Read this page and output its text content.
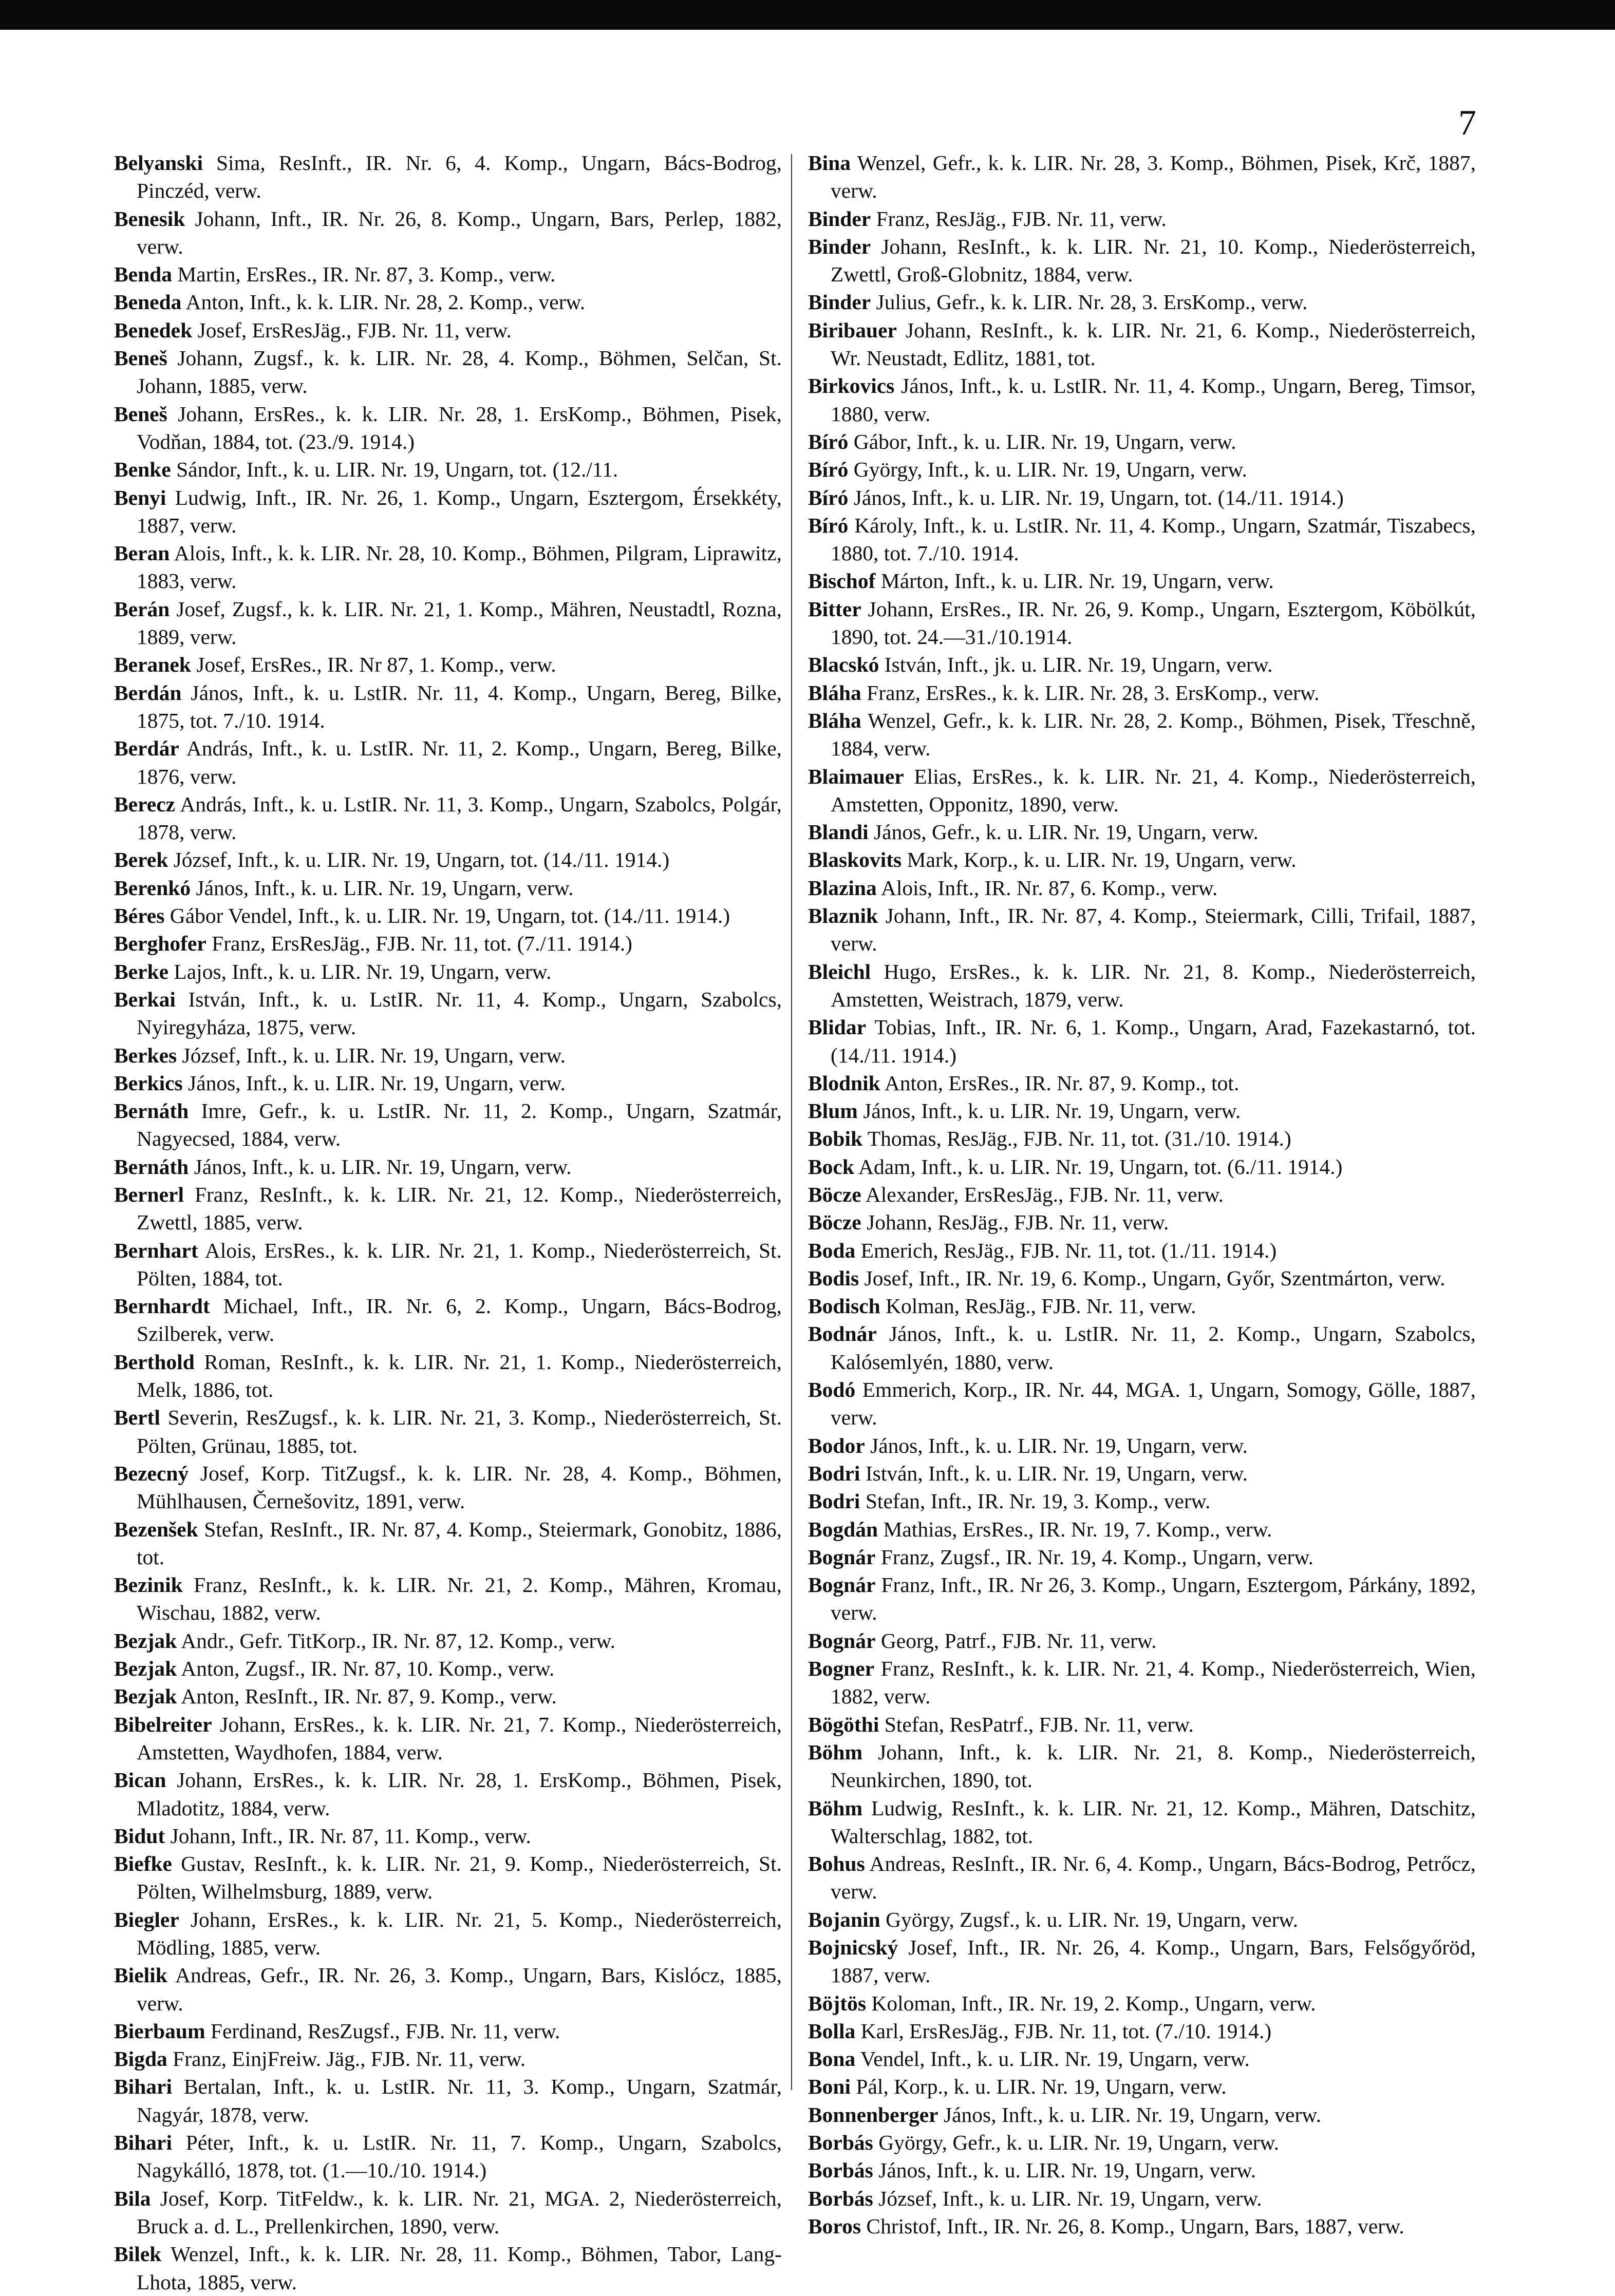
7

Belyanski Sima, ResInft., IR. Nr. 6, 4. Komp., Ungarn, Bács-Bodrog, Pinczéd, verw.

Benesik Johann, Inft., IR. Nr. 26, 8. Komp., Ungarn, Bars, Perlep, 1882, verw.

Benda Martin, ErsRes., IR. Nr. 87, 3. Komp., verw.

Beneda Anton, Inft., k. k. LIR. Nr. 28, 2. Komp., verw.

Benedek Josef, ErsResJäg., FJB. Nr. 11, verw.

Beneš Johann, Zugsf., k. k. LIR. Nr. 28, 4. Komp., Böhmen, Selčan, St. Johann, 1885, verw.

Beneš Johann, ErsRes., k. k. LIR. Nr. 28, 1. ErsKomp., Böhmen, Pisek, Vodňan, 1884, tot. (23./9. 1914.)

Benke Sándor, Inft., k. u. LIR. Nr. 19, Ungarn, tot. (12./11.

Benyi Ludwig, Inft., IR. Nr. 26, 1. Komp., Ungarn, Esztergom, Érsekkéty, 1887, verw.

Beran Alois, Inft., k. k. LIR. Nr. 28, 10. Komp., Böhmen, Pilgram, Liprawitz, 1883, verw.

Berán Josef, Zugsf., k. k. LIR. Nr. 21, 1. Komp., Mähren, Neustadtl, Rozna, 1889, verw.

Beranek Josef, ErsRes., IR. Nr 87, 1. Komp., verw.

Berdán János, Inft., k. u. LstIR. Nr. 11, 4. Komp., Ungarn, Bereg, Bilke, 1875, tot. 7./10. 1914.

Berdár András, Inft., k. u. LstIR. Nr. 11, 2. Komp., Ungarn, Bereg, Bilke, 1876, verw.

Berecz András, Inft., k. u. LstIR. Nr. 11, 3. Komp., Ungarn, Szabolcs, Polgár, 1878, verw.

Berek József, Inft., k. u. LIR. Nr. 19, Ungarn, tot. (14./11. 1914.)

Berenkó János, Inft., k. u. LIR. Nr. 19, Ungarn, verw.

Béres Gábor Vendel, Inft., k. u. LIR. Nr. 19, Ungarn, tot. (14./11. 1914.)

Berghofer Franz, ErsResJäg., FJB. Nr. 11, tot. (7./11. 1914.)

Berke Lajos, Inft., k. u. LIR. Nr. 19, Ungarn, verw.

Berkai István, Inft., k. u. LstIR. Nr. 11, 4. Komp., Ungarn, Szabolcs, Nyiregyháza, 1875, verw.

Berkes József, Inft., k. u. LIR. Nr. 19, Ungarn, verw.

Berkics János, Inft., k. u. LIR. Nr. 19, Ungarn, verw.

Bernáth Imre, Gefr., k. u. LstIR. Nr. 11, 2. Komp., Ungarn, Szatmár, Nagyecsed, 1884, verw.

Bernáth János, Inft., k. u. LIR. Nr. 19, Ungarn, verw.

Bernerl Franz, ResInft., k. k. LIR. Nr. 21, 12. Komp., Niederösterreich, Zwettl, 1885, verw.

Bernhart Alois, ErsRes., k. k. LIR. Nr. 21, 1. Komp., Niederösterreich, St. Pölten, 1884, tot.

Bernhardt Michael, Inft., IR. Nr. 6, 2. Komp., Ungarn, Bács-Bodrog, Szilberek, verw.

Berthold Roman, ResInft., k. k. LIR. Nr. 21, 1. Komp., Niederösterreich, Melk, 1886, tot.

Bertl Severin, ResZugsf., k. k. LIR. Nr. 21, 3. Komp., Niederösterreich, St. Pölten, Grünau, 1885, tot.

Bezecný Josef, Korp. TitZugsf., k. k. LIR. Nr. 28, 4. Komp., Böhmen, Mühlhausen, Černešovitz, 1891, verw.

Bezenšek Stefan, ResInft., IR. Nr. 87, 4. Komp., Steiermark, Gonobitz, 1886, tot.

Bezinik Franz, ResInft., k. k. LIR. Nr. 21, 2. Komp., Mähren, Kromau, Wischau, 1882, verw.

Bezjak Andr., Gefr. TitKorp., IR. Nr. 87, 12. Komp., verw.

Bezjak Anton, Zugsf., IR. Nr. 87, 10. Komp., verw.

Bezjak Anton, ResInft., IR. Nr. 87, 9. Komp., verw.

Bibelreiter Johann, ErsRes., k. k. LIR. Nr. 21, 7. Komp., Niederösterreich, Amstetten, Waydhofen, 1884, verw.

Bican Johann, ErsRes., k. k. LIR. Nr. 28, 1. ErsKomp., Böhmen, Pisek, Mladotitz, 1884, verw.

Bidut Johann, Inft., IR. Nr. 87, 11. Komp., verw.

Biefke Gustav, ResInft., k. k. LIR. Nr. 21, 9. Komp., Niederösterreich, St. Pölten, Wilhelmsburg, 1889, verw.

Biegler Johann, ErsRes., k. k. LIR. Nr. 21, 5. Komp., Niederösterreich, Mödling, 1885, verw.

Bielik Andreas, Gefr., IR. Nr. 26, 3. Komp., Ungarn, Bars, Kislócz, 1885, verw.

Bierbaum Ferdinand, ResZugsf., FJB. Nr. 11, verw.

Bigda Franz, EinjFreiw. Jäg., FJB. Nr. 11, verw.

Bihari Bertalan, Inft., k. u. LstIR. Nr. 11, 3. Komp., Ungarn, Szatmár, Nagyár, 1878, verw.

Bihari Péter, Inft., k. u. LstIR. Nr. 11, 7. Komp., Ungarn, Szabolcs, Nagykálló, 1878, tot. (1.—10./10. 1914.)

Bila Josef, Korp. TitFeldw., k. k. LIR. Nr. 21, MGA. 2, Niederösterreich, Bruck a. d. L., Prellenkirchen, 1890, verw.

Bilek Wenzel, Inft., k. k. LIR. Nr. 28, 11. Komp., Böhmen, Tabor, Lang-Lhota, 1885, verw.

Bina Wenzel, Gefr., k. k. LIR. Nr. 28, 3. Komp., Böhmen, Pisek, Krč, 1887, verw.

Binder Franz, ResJäg., FJB. Nr. 11, verw.

Binder Johann, ResInft., k. k. LIR. Nr. 21, 10. Komp., Niederösterreich, Zwettl, Groß-Globnitz, 1884, verw.

Binder Julius, Gefr., k. k. LIR. Nr. 28, 3. ErsKomp., verw.

Biribauer Johann, ResInft., k. k. LIR. Nr. 21, 6. Komp., Niederösterreich, Wr. Neustadt, Edlitz, 1881, tot.

Birkovics János, Inft., k. u. LstIR. Nr. 11, 4. Komp., Ungarn, Bereg, Timsor, 1880, verw.

Bíró Gábor, Inft., k. u. LIR. Nr. 19, Ungarn, verw.

Bíró György, Inft., k. u. LIR. Nr. 19, Ungarn, verw.

Bíró János, Inft., k. u. LIR. Nr. 19, Ungarn, tot. (14./11. 1914.)

Bíró Károly, Inft., k. u. LstIR. Nr. 11, 4. Komp., Ungarn, Szatmár, Tiszabecs, 1880, tot. 7./10. 1914.

Bischof Márton, Inft., k. u. LIR. Nr. 19, Ungarn, verw.

Bitter Johann, ErsRes., IR. Nr. 26, 9. Komp., Ungarn, Esztergom, Köbölkút, 1890, tot. 24.—31./10.1914.

Blacskó István, Inft., jk. u. LIR. Nr. 19, Ungarn, verw.

Bláha Franz, ErsRes., k. k. LIR. Nr. 28, 3. ErsKomp., verw.

Bláha Wenzel, Gefr., k. k. LIR. Nr. 28, 2. Komp., Böhmen, Pisek, Třeschně, 1884, verw.

Blaimauer Elias, ErsRes., k. k. LIR. Nr. 21, 4. Komp., Niederösterreich, Amstetten, Opponitz, 1890, verw.

Blandi János, Gefr., k. u. LIR. Nr. 19, Ungarn, verw.

Blaskovits Mark, Korp., k. u. LIR. Nr. 19, Ungarn, verw.

Blazina Alois, Inft., IR. Nr. 87, 6. Komp., verw.

Blaznik Johann, Inft., IR. Nr. 87, 4. Komp., Steiermark, Cilli, Trifail, 1887, verw.

Bleichl Hugo, ErsRes., k. k. LIR. Nr. 21, 8. Komp., Niederösterreich, Amstetten, Weistrach, 1879, verw.

Blidar Tobias, Inft., IR. Nr. 6, 1. Komp., Ungarn, Arad, Fazekastarnó, tot. (14./11. 1914.)

Blodnik Anton, ErsRes., IR. Nr. 87, 9. Komp., tot.

Blum János, Inft., k. u. LIR. Nr. 19, Ungarn, verw.

Bobik Thomas, ResJäg., FJB. Nr. 11, tot. (31./10. 1914.)

Bock Adam, Inft., k. u. LIR. Nr. 19, Ungarn, tot. (6./11. 1914.)

Böcze Alexander, ErsResJäg., FJB. Nr. 11, verw.

Böcze Johann, ResJäg., FJB. Nr. 11, verw.

Boda Emerich, ResJäg., FJB. Nr. 11, tot. (1./11. 1914.)

Bodis Josef, Inft., IR. Nr. 19, 6. Komp., Ungarn, Győr, Szentmárton, verw.

Bodisch Kolman, ResJäg., FJB. Nr. 11, verw.

Bodnár János, Inft., k. u. LstIR. Nr. 11, 2. Komp., Ungarn, Szabolcs, Kalósemlyén, 1880, verw.

Bodó Emmerich, Korp., IR. Nr. 44, MGA. 1, Ungarn, Somogy, Gölle, 1887, verw.

Bodor János, Inft., k. u. LIR. Nr. 19, Ungarn, verw.

Bodri István, Inft., k. u. LIR. Nr. 19, Ungarn, verw.

Bodri Stefan, Inft., IR. Nr. 19, 3. Komp., verw.

Bogdán Mathias, ErsRes., IR. Nr. 19, 7. Komp., verw.

Bognár Franz, Zugsf., IR. Nr. 19, 4. Komp., Ungarn, verw.

Bognár Franz, Inft., IR. Nr 26, 3. Komp., Ungarn, Esztergom, Párkány, 1892, verw.

Bognár Georg, Patrf., FJB. Nr. 11, verw.

Bogner Franz, ResInft., k. k. LIR. Nr. 21, 4. Komp., Niederösterreich, Wien, 1882, verw.

Bögöthi Stefan, ResPatrf., FJB. Nr. 11, verw.

Böhm Johann, Inft., k. k. LIR. Nr. 21, 8. Komp., Niederösterreich, Neunkirchen, 1890, tot.

Böhm Ludwig, ResInft., k. k. LIR. Nr. 21, 12. Komp., Mähren, Datschitz, Walterschlag, 1882, tot.

Bohus Andreas, ResInft., IR. Nr. 6, 4. Komp., Ungarn, Bács-Bodrog, Petrőcz, verw.

Bojanin György, Zugsf., k. u. LIR. Nr. 19, Ungarn, verw.

Bojnicský Josef, Inft., IR. Nr. 26, 4. Komp., Ungarn, Bars, Felsőgyőröd, 1887, verw.

Böjtös Koloman, Inft., IR. Nr. 19, 2. Komp., Ungarn, verw.

Bolla Karl, ErsResJäg., FJB. Nr. 11, tot. (7./10. 1914.)

Bona Vendel, Inft., k. u. LIR. Nr. 19, Ungarn, verw.

Boni Pál, Korp., k. u. LIR. Nr. 19, Ungarn, verw.

Bonnenberger János, Inft., k. u. LIR. Nr. 19, Ungarn, verw.

Borbás György, Gefr., k. u. LIR. Nr. 19, Ungarn, verw.

Borbás János, Inft., k. u. LIR. Nr. 19, Ungarn, verw.

Borbás József, Inft., k. u. LIR. Nr. 19, Ungarn, verw.

Boros Christof, Inft., IR. Nr. 26, 8. Komp., Ungarn, Bars, 1887, verw.
